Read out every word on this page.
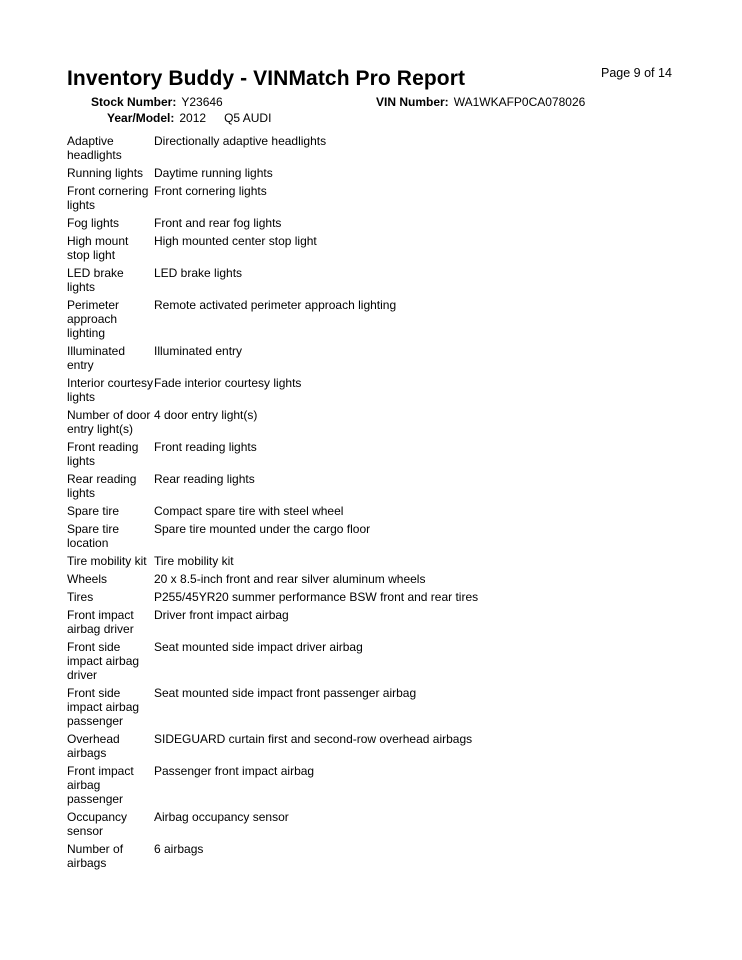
Page 9 of 14
Inventory Buddy - VINMatch Pro Report
Stock Number: Y23646	VIN Number: WA1WKAFP0CA078026
Year/Model: 2012 Q5 AUDI
Adaptive headlights	Directionally adaptive headlights
Running lights	Daytime running lights
Front cornering lights	Front cornering lights
Fog lights	Front and rear fog lights
High mount stop light	High mounted center stop light
LED brake lights	LED brake lights
Perimeter approach lighting	Remote activated perimeter approach lighting
Illuminated entry	Illuminated entry
Interior courtesy lights	Fade interior courtesy lights
Number of door entry light(s)	4 door entry light(s)
Front reading lights	Front reading lights
Rear reading lights	Rear reading lights
Spare tire	Compact spare tire with steel wheel
Spare tire location	Spare tire mounted under the cargo floor
Tire mobility kit	Tire mobility kit
Wheels	20 x 8.5-inch front and rear silver aluminum wheels
Tires	P255/45YR20 summer performance BSW front and rear tires
Front impact airbag driver	Driver front impact airbag
Front side impact airbag driver	Seat mounted side impact driver airbag
Front side impact airbag passenger	Seat mounted side impact front passenger airbag
Overhead airbags	SIDEGUARD curtain first and second-row overhead airbags
Front impact airbag passenger	Passenger front impact airbag
Occupancy sensor	Airbag occupancy sensor
Number of airbags	6 airbags
